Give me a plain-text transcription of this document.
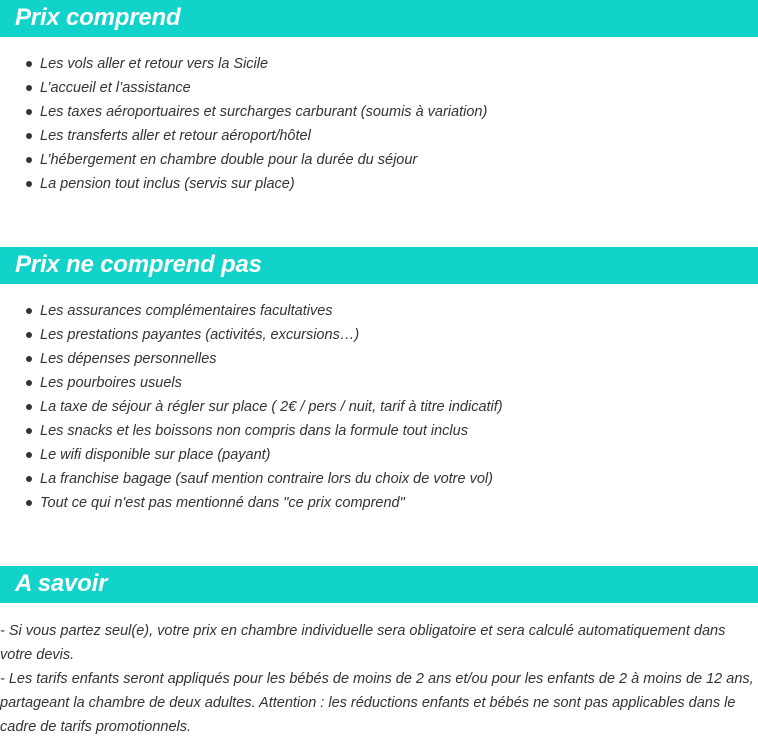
Prix comprend
Les vols aller et retour vers la Sicile
L’accueil et l’assistance
Les taxes aéroportuaires et surcharges carburant (soumis à variation)
Les transferts aller et retour aéroport/hôtel
L’hébergement en chambre double pour la durée du séjour
La pension tout inclus (servis sur place)
Prix ne comprend pas
Les assurances complémentaires facultatives
Les prestations payantes (activités, excursions…)
Les dépenses personnelles
Les pourboires usuels
La taxe de séjour à régler sur place ( 2€ / pers / nuit, tarif à titre indicatif)
Les snacks et les boissons non compris dans la formule tout inclus
Le wifi disponible sur place (payant)
La franchise bagage (sauf mention contraire lors du choix de votre vol)
Tout ce qui n'est pas mentionné dans "ce prix comprend"
A savoir

- Si vous partez seul(e), votre prix en chambre individuelle sera obligatoire et sera calculé automatiquement dans votre devis.

- Les tarifs enfants seront appliqués pour les bébés de moins de 2 ans et/ou pour les enfants de 2 à moins de 12 ans, partageant la chambre de deux adultes. Attention : les réductions enfants et bébés ne sont pas applicables dans le cadre de tarifs promotionnels.
